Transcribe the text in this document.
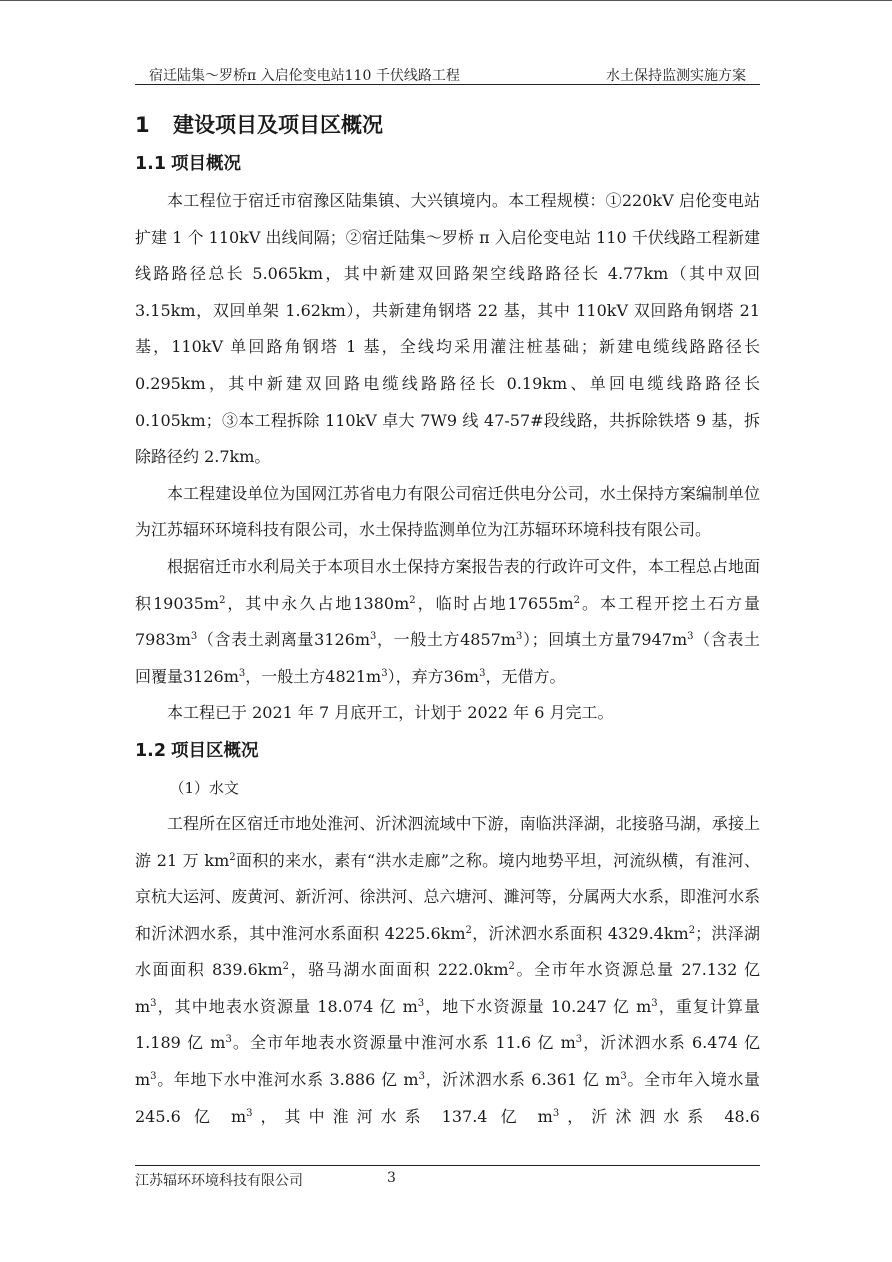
宿迁陆集～罗桥π 入启伦变电站110 千伏线路工程	水土保持监测实施方案
1 建设项目及项目区概况
1.1 项目概况

本工程位于宿迁市宿豫区陆集镇、大兴镇境内。本工程规模：①220kV 启伦变电站扩建 1 个 110kV 出线间隔；②宿迁陆集～罗桥 π 入启伦变电站 110 千伏线路工程新建线路路径总长 5.065km，其中新建双回路架空线路路径长 4.77km（其中双回 3.15km，双回单架 1.62km），共新建角钢塔 22 基，其中 110kV 双回路角钢塔 21 基，110kV 单回路角钢塔 1 基，全线均采用灌注桩基础；新建电缆线路路径长 0.295km，其中新建双回路电缆线路路径长 0.19km、单回电缆线路路径长 0.105km；③本工程拆除 110kV 卓大 7W9 线 47-57#段线路，共拆除铁塔 9 基，拆除路径约 2.7km。

本工程建设单位为国网江苏省电力有限公司宿迁供电分公司，水土保持方案编制单位为江苏辐环环境科技有限公司，水土保持监测单位为江苏辐环环境科技有限公司。

根据宿迁市水利局关于本项目水土保持方案报告表的行政许可文件，本工程总占地面积$19035m^2$，其中永久占地$1380m^2$，临时占地$17655m^2$。本工程开挖土石方量$7983m^3$（含表土剥离量$3126m^3$，一般土方$4857m^3$）；回填土方量$7947m^3$（含表土回覆量$3126m^3$，一般土方$4821m^3$），弃方$36m^3$，无借方。

本工程已于 2021 年 7 月底开工，计划于 2022 年 6 月完工。

1.2 项目区概况
（1）水文

工程所在区宿迁市地处淮河、沂沭泗流域中下游，南临洪泽湖，北接骆马湖，承接上游 21 万 $km^2$面积的来水，素有“洪水走廊”之称。境内地势平坦，河流纵横，有淮河、京杭大运河、废黄河、新沂河、徐洪河、总六塘河、濉河等，分属两大水系，即淮河水系和沂沭泗水系，其中淮河水系面积 $4225.6km^2$，沂沭泗水系面积 $4329.4km^2$；洪泽湖水面面积 $839.6km^2$，骆马湖水面面积 $222.0km^2$。全市年水资源总量 27.132 亿 $m^3$，其中地表水资源量 18.074 亿 $m^3$，地下水资源量 10.247 亿 $m^3$，重复计算量 1.189 亿 $m^3$。全市年地表水资源量中淮河水系 11.6 亿 $m^3$，沂沭泗水系 6.474 亿 $m^3$。年地下水中淮河水系 3.886 亿 $m^3$，沂沭泗水系 6.361 亿 $m^3$。全市年入境水量 245.6 亿 $m^3$，其中淮河水系 137.4 亿 $m^3$，沂沭泗水系 48.6

江苏辐环环境科技有限公司	3
